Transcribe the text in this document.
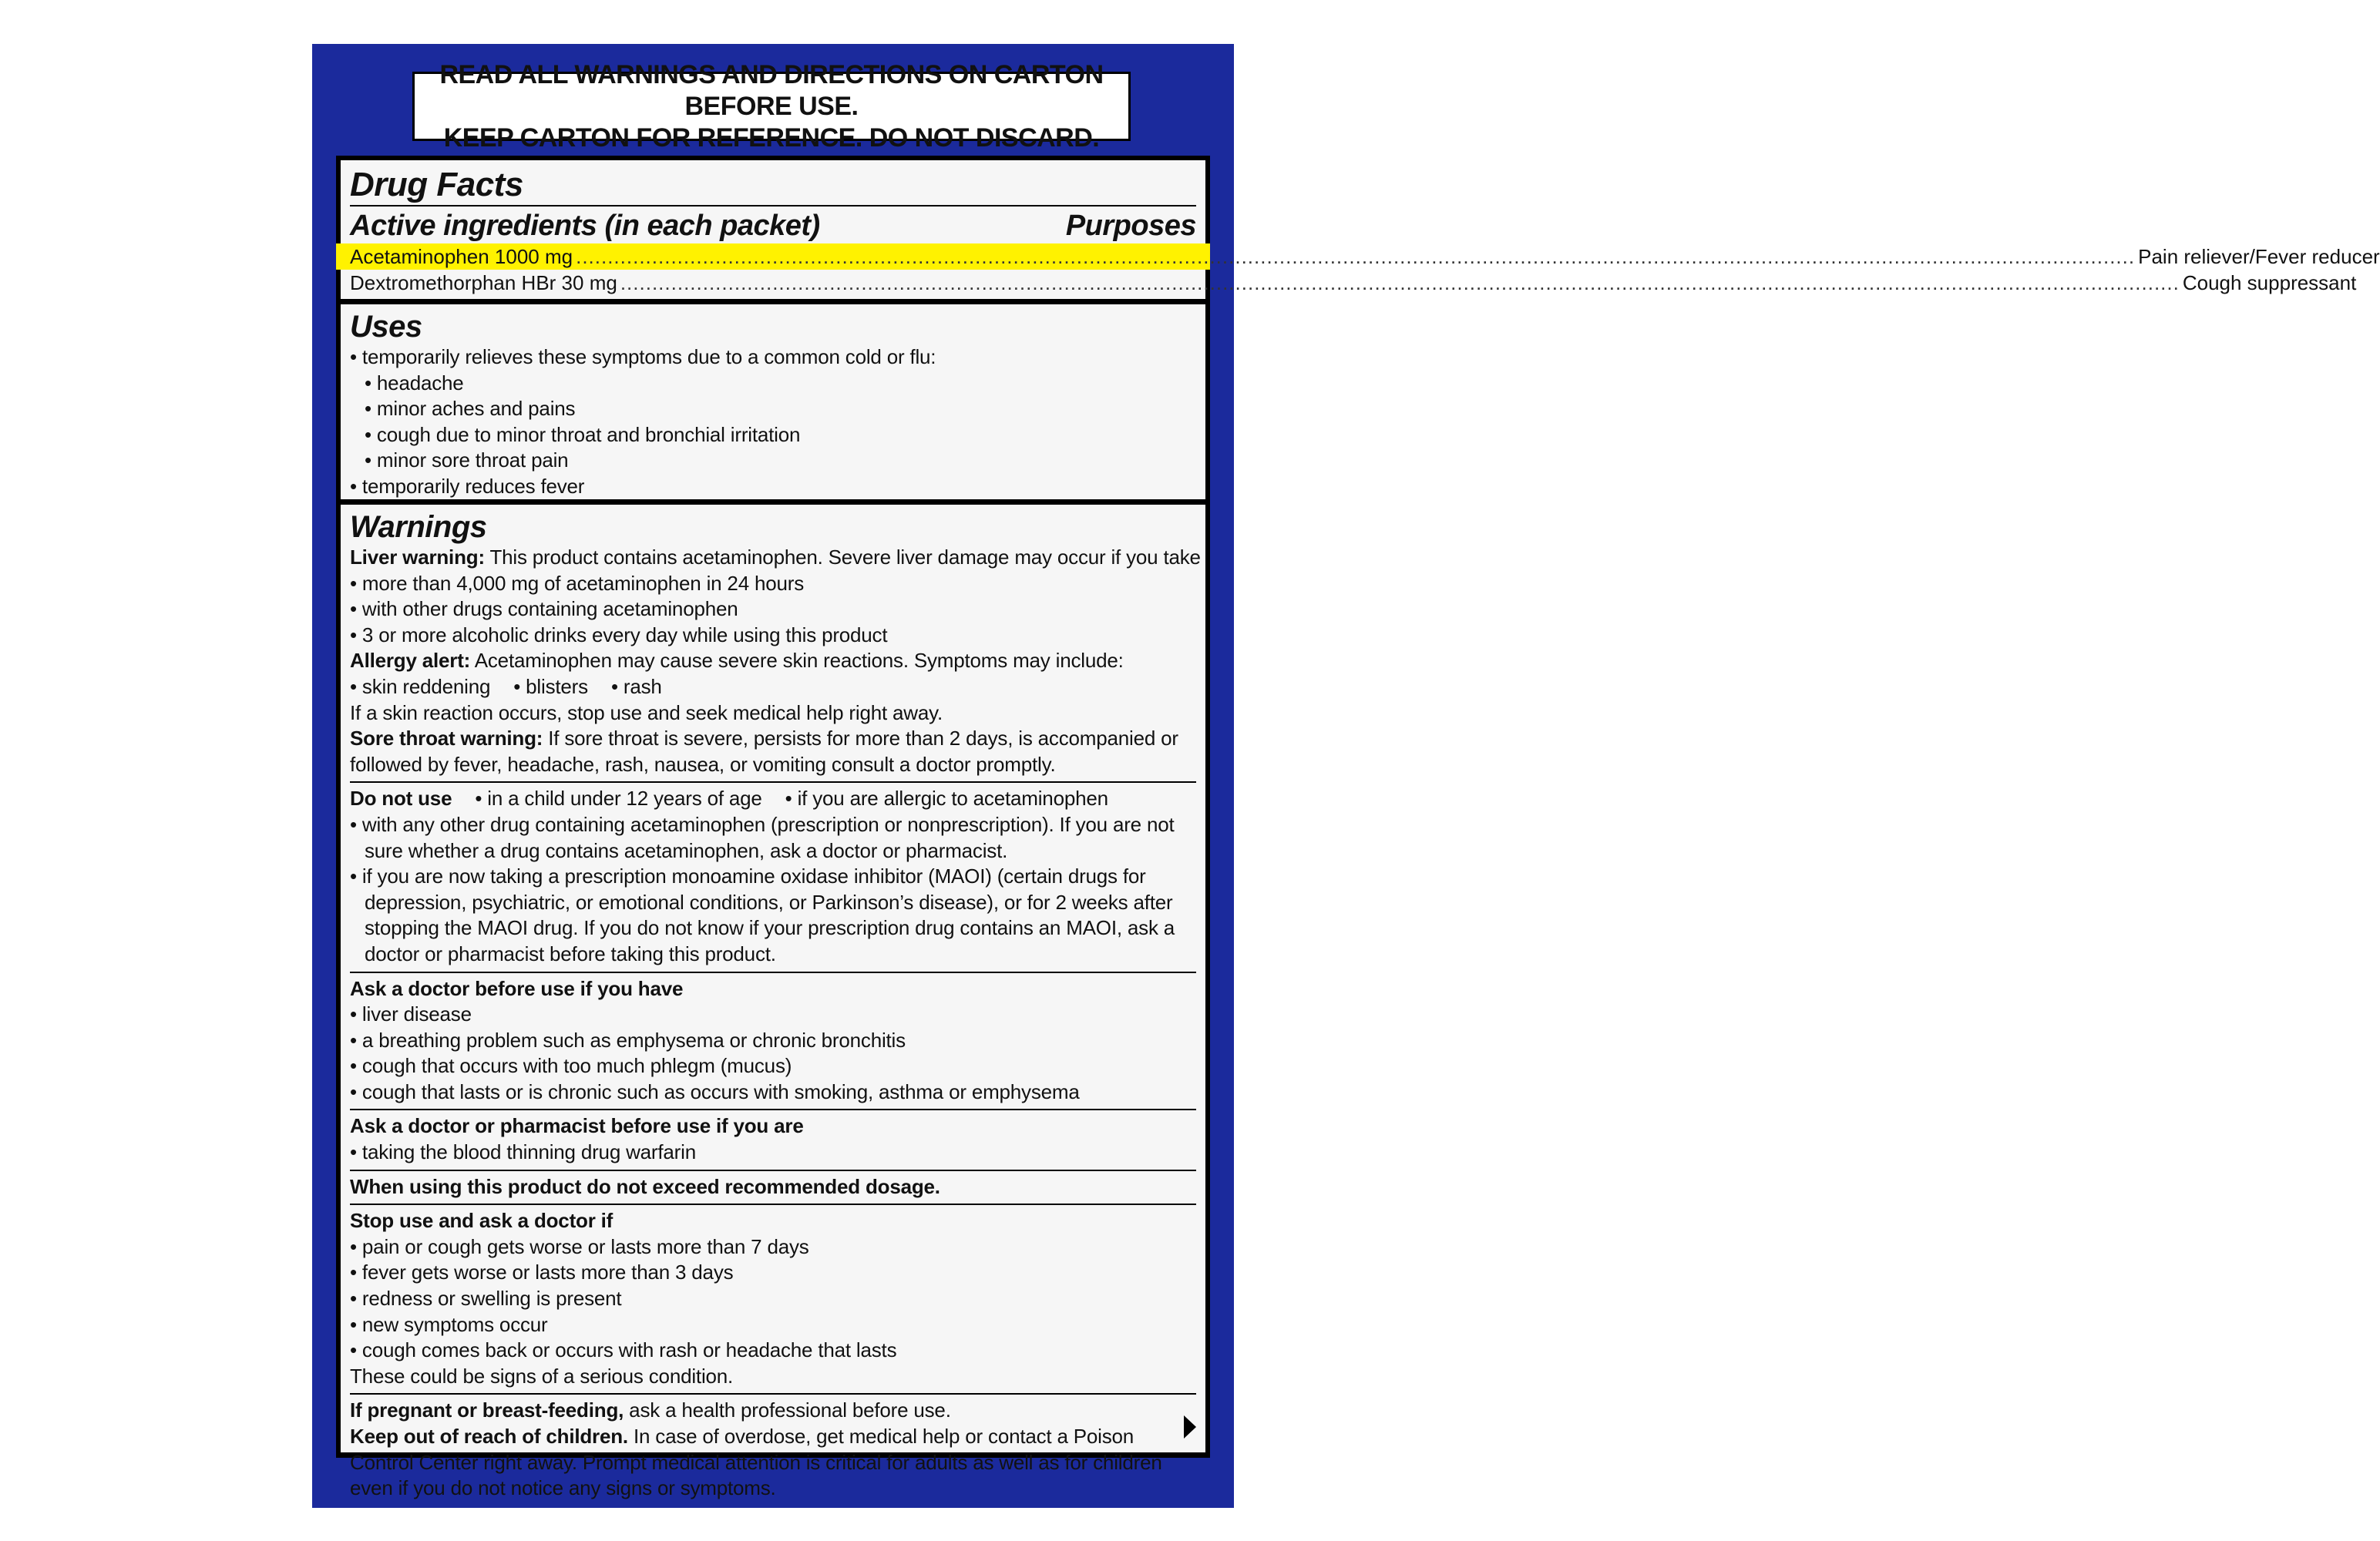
READ ALL WARNINGS AND DIRECTIONS ON CARTON BEFORE USE.
KEEP CARTON FOR REFERENCE. DO NOT DISCARD.
Drug Facts
Active ingredients (in each packet)	Purposes
Acetaminophen 1000 mg .....	Pain reliever/Fever reducer
Dextromethorphan HBr 30 mg .....	Cough suppressant
Uses
• temporarily relieves these symptoms due to a common cold or flu:
• headache
• minor aches and pains
• cough due to minor throat and bronchial irritation
• minor sore throat pain
• temporarily reduces fever
Warnings
Liver warning: This product contains acetaminophen. Severe liver damage may occur if you take
• more than 4,000 mg of acetaminophen in 24 hours
• with other drugs containing acetaminophen
• 3 or more alcoholic drinks every day while using this product
Allergy alert: Acetaminophen may cause severe skin reactions. Symptoms may include:
• skin reddening • blisters • rash
If a skin reaction occurs, stop use and seek medical help right away.
Sore throat warning: If sore throat is severe, persists for more than 2 days, is accompanied or followed by fever, headache, rash, nausea, or vomiting consult a doctor promptly.
Do not use • in a child under 12 years of age • if you are allergic to acetaminophen
• with any other drug containing acetaminophen (prescription or nonprescription). If you are not sure whether a drug contains acetaminophen, ask a doctor or pharmacist.
• if you are now taking a prescription monoamine oxidase inhibitor (MAOI) (certain drugs for depression, psychiatric, or emotional conditions, or Parkinson’s disease), or for 2 weeks after stopping the MAOI drug. If you do not know if your prescription drug contains an MAOI, ask a doctor or pharmacist before taking this product.
Ask a doctor before use if you have
• liver disease
• a breathing problem such as emphysema or chronic bronchitis
• cough that occurs with too much phlegm (mucus)
• cough that lasts or is chronic such as occurs with smoking, asthma or emphysema
Ask a doctor or pharmacist before use if you are
• taking the blood thinning drug warfarin
When using this product do not exceed recommended dosage.
Stop use and ask a doctor if
• pain or cough gets worse or lasts more than 7 days
• fever gets worse or lasts more than 3 days
• redness or swelling is present
• new symptoms occur
• cough comes back or occurs with rash or headache that lasts
These could be signs of a serious condition.
If pregnant or breast-feeding, ask a health professional before use.
Keep out of reach of children. In case of overdose, get medical help or contact a Poison Control Center right away. Prompt medical attention is critical for adults as well as for children even if you do not notice any signs or symptoms.
